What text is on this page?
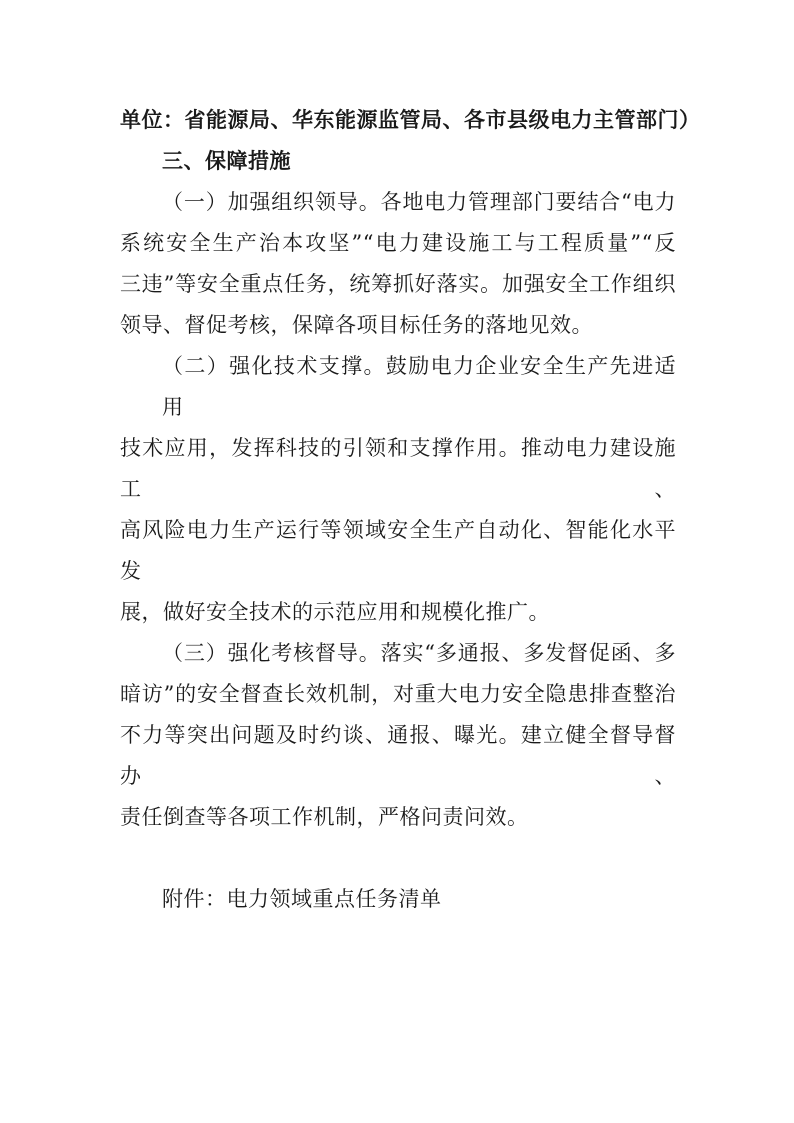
单位：省能源局、华东能源监管局、各市县级电力主管部门）
三、保障措施
（一）加强组织领导。各地电力管理部门要结合“电力
系统安全生产治本攻坚”“电力建设施工与工程质量”“反
三违”等安全重点任务，统筹抓好落实。加强安全工作组织
领导、督促考核，保障各项目标任务的落地见效。
（二）强化技术支撑。鼓励电力企业安全生产先进适用
技术应用，发挥科技的引领和支撑作用。推动电力建设施工、
高风险电力生产运行等领域安全生产自动化、智能化水平发
展，做好安全技术的示范应用和规模化推广。
（三）强化考核督导。落实“多通报、多发督促函、多
暗访”的安全督查长效机制，对重大电力安全隐患排查整治
不力等突出问题及时约谈、通报、曝光。建立健全督导督办、
责任倒查等各项工作机制，严格问责问效。
附件：电力领域重点任务清单
